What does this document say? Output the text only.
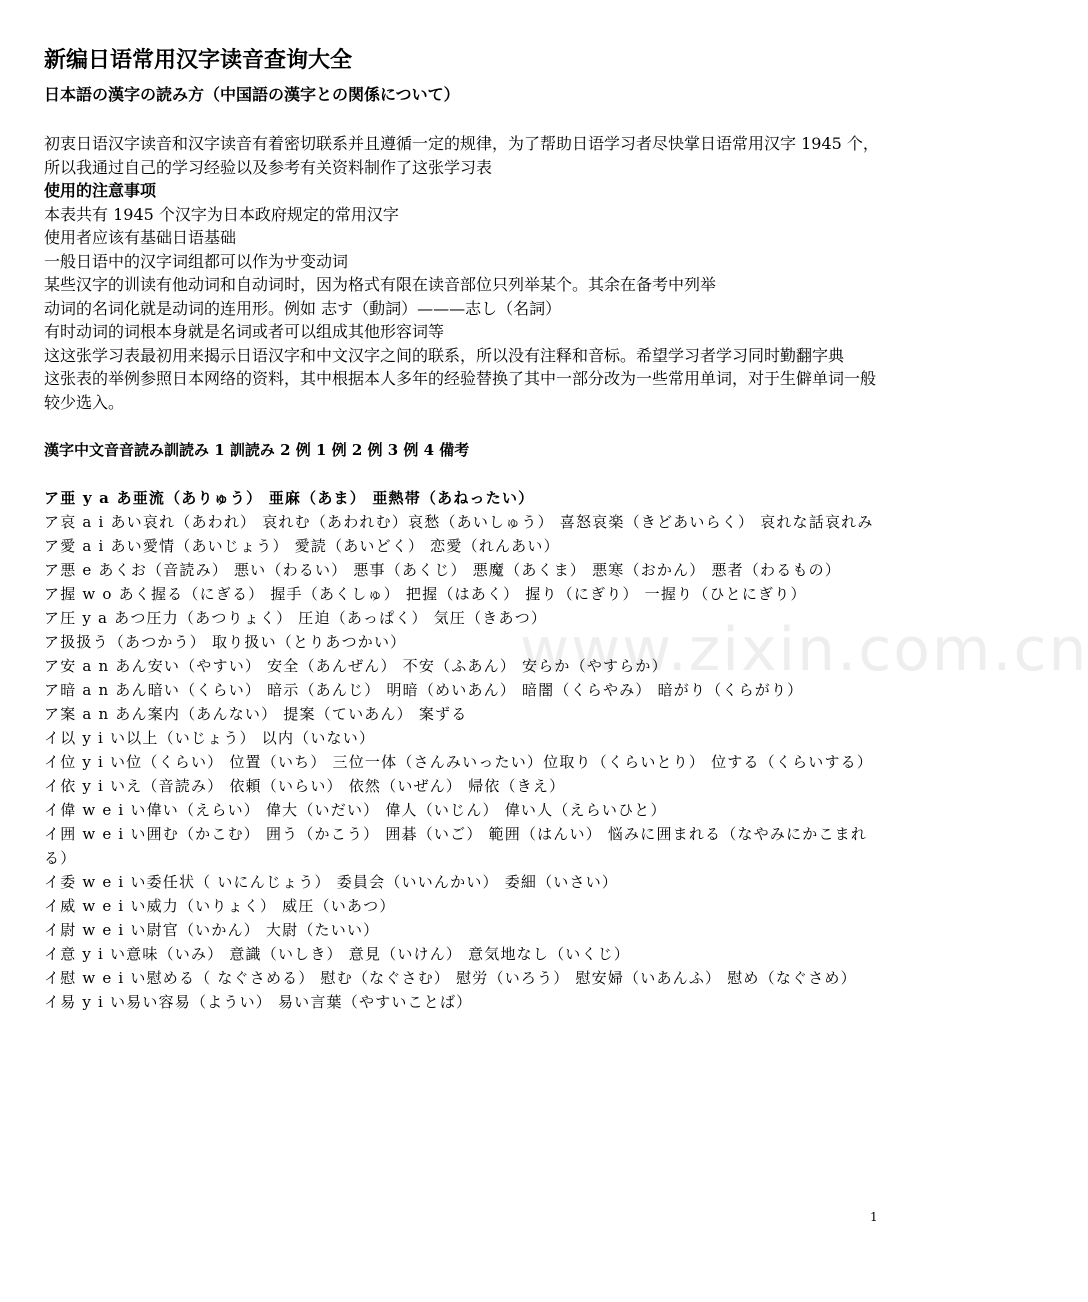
www.zixin.com.cn
新编日语常用汉字读音查询大全
日本語の漢字の読み方（中国語の漢字との関係について）

初衷日语汉字读音和汉字读音有着密切联系并且遵循一定的规律，为了帮助日语学习者尽快掌日语常用汉字 1945 个，所以我通过自己的学习经验以及参考有关资料制作了这张学习表

使用的注意事项

本表共有 1945 个汉字为日本政府规定的常用汉字

使用者应该有基础日语基础

一般日语中的汉字词组都可以作为サ变动词

某些汉字的训读有他动词和自动词时，因为格式有限在读音部位只列举某个。其余在备考中列举

动词的名词化就是动词的连用形。例如 志す（動詞）———志し（名詞）

有时动词的词根本身就是名词或者可以组成其他形容词等

这这张学习表最初用来揭示日语汉字和中文汉字之间的联系，所以没有注释和音标。希望学习者学习同时勤翻字典

这张表的举例参照日本网络的资料，其中根据本人多年的经验替换了其中一部分改为一些常用单词，对于生僻单词一般较少选入。

漢字中文音音読み訓読み 1 訓読み 2 例 1 例 2 例 3 例 4 備考

ア亜 y a あ亜流（ありゅう） 亜麻（あま） 亜熱帯（あねったい）

ア哀 a i あい哀れ（あわれ） 哀れむ（あわれむ）哀愁（あいしゅう） 喜怒哀楽（きどあいらく） 哀れな話哀れみ

ア愛 a i あい愛情（あいじょう） 愛読（あいどく） 恋愛（れんあい）

ア悪 e あくお（音読み） 悪い（わるい） 悪事（あくじ） 悪魔（あくま） 悪寒（おかん） 悪者（わるもの）

ア握 w o あく握る（にぎる） 握手（あくしゅ） 把握（はあく） 握り（にぎり） 一握り（ひとにぎり）

ア圧 y a あつ圧力（あつりょく） 圧迫（あっぱく） 気圧（きあつ）

ア扱扱う（あつかう） 取り扱い（とりあつかい）

ア安 a n あん安い（やすい） 安全（あんぜん） 不安（ふあん） 安らか（やすらか）

ア暗 a n あん暗い（くらい） 暗示（あんじ） 明暗（めいあん） 暗闇（くらやみ） 暗がり（くらがり）

ア案 a n あん案内（あんない） 提案（ていあん） 案ずる

イ以 y i い以上（いじょう） 以内（いない）

イ位 y i い位（くらい） 位置（いち） 三位一体（さんみいったい）位取り（くらいとり） 位する（くらいする）

イ依 y i いえ（音読み） 依頼（いらい） 依然（いぜん） 帰依（きえ）

イ偉 w e i い偉い（えらい） 偉大（いだい） 偉人（いじん） 偉い人（えらいひと）

イ囲 w e i い囲む（かこむ） 囲う（かこう） 囲碁（いご） 範囲（はんい） 悩みに囲まれる（なやみにかこまれる）

イ委 w e i い委任状（ いにんじょう） 委員会（いいんかい） 委細（いさい）

イ威 w e i い威力（いりょく） 威圧（いあつ）

イ尉 w e i い尉官（いかん） 大尉（たいい）

イ意 y i い意味（いみ） 意識（いしき） 意見（いけん） 意気地なし（いくじ）

イ慰 w e i い慰める（ なぐさめる） 慰む（なぐさむ） 慰労（いろう） 慰安婦（いあんふ） 慰め（なぐさめ）

イ易 y i い易い容易（ようい） 易い言葉（やすいことば）

1
